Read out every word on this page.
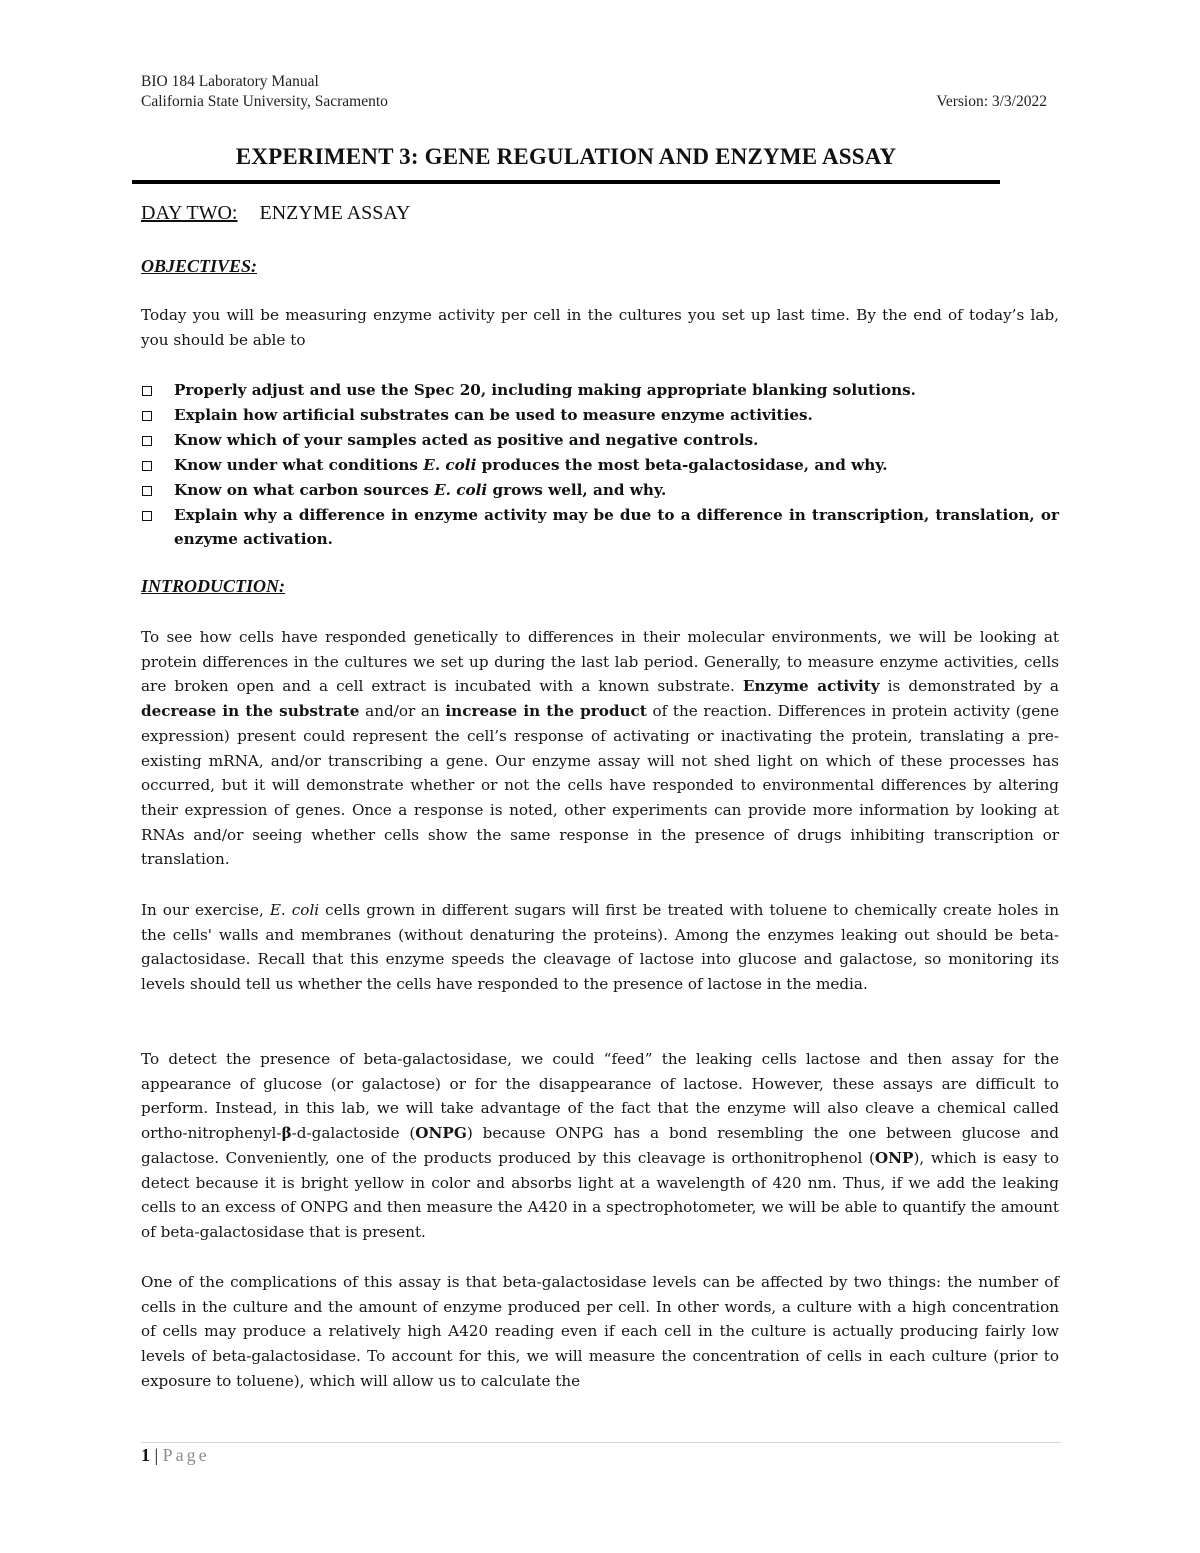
BIO 184 Laboratory Manual
California State University, Sacramento	Version: 3/3/2022
EXPERIMENT 3: GENE REGULATION AND ENZYME ASSAY
DAY TWO: ENZYME ASSAY
OBJECTIVES:

Today you will be measuring enzyme activity per cell in the cultures you set up last time. By the end of today’s lab, you should be able to

Properly adjust and use the Spec 20, including making appropriate blanking solutions.
Explain how artificial substrates can be used to measure enzyme activities.
Know which of your samples acted as positive and negative controls.
Know under what conditions E. coli produces the most beta-galactosidase, and why.
Know on what carbon sources E. coli grows well, and why.
Explain why a difference in enzyme activity may be due to a difference in transcription, translation, or enzyme activation.
INTRODUCTION:

To see how cells have responded genetically to differences in their molecular environments, we will be looking at protein differences in the cultures we set up during the last lab period. Generally, to measure enzyme activities, cells are broken open and a cell extract is incubated with a known substrate. Enzyme activity is demonstrated by a decrease in the substrate and/or an increase in the product of the reaction. Differences in protein activity (gene expression) present could represent the cell’s response of activating or inactivating the protein, translating a pre-existing mRNA, and/or transcribing a gene. Our enzyme assay will not shed light on which of these processes has occurred, but it will demonstrate whether or not the cells have responded to environmental differences by altering their expression of genes. Once a response is noted, other experiments can provide more information by looking at RNAs and/or seeing whether cells show the same response in the presence of drugs inhibiting transcription or translation.

In our exercise, E. coli cells grown in different sugars will first be treated with toluene to chemically create holes in the cells' walls and membranes (without denaturing the proteins). Among the enzymes leaking out should be beta-galactosidase. Recall that this enzyme speeds the cleavage of lactose into glucose and galactose, so monitoring its levels should tell us whether the cells have responded to the presence of lactose in the media.

To detect the presence of beta-galactosidase, we could “feed” the leaking cells lactose and then assay for the appearance of glucose (or galactose) or for the disappearance of lactose. However, these assays are difficult to perform. Instead, in this lab, we will take advantage of the fact that the enzyme will also cleave a chemical called ortho-nitrophenyl-β-d-galactoside (ONPG) because ONPG has a bond resembling the one between glucose and galactose. Conveniently, one of the products produced by this cleavage is orthonitrophenol (ONP), which is easy to detect because it is bright yellow in color and absorbs light at a wavelength of 420 nm. Thus, if we add the leaking cells to an excess of ONPG and then measure the A420 in a spectrophotometer, we will be able to quantify the amount of beta-galactosidase that is present.

One of the complications of this assay is that beta-galactosidase levels can be affected by two things: the number of cells in the culture and the amount of enzyme produced per cell. In other words, a culture with a high concentration of cells may produce a relatively high A420 reading even if each cell in the culture is actually producing fairly low levels of beta-galactosidase. To account for this, we will measure the concentration of cells in each culture (prior to exposure to toluene), which will allow us to calculate the

1 | Page
